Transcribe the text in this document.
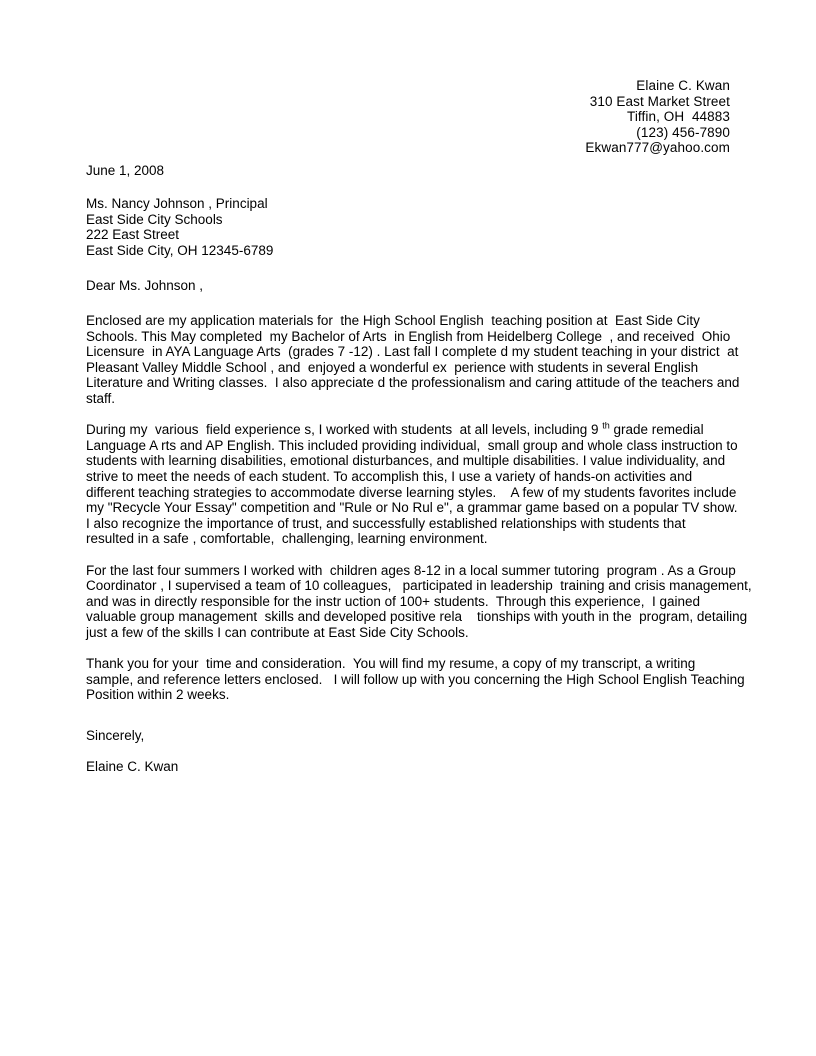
Elaine C. Kwan
310 East Market Street
Tiffin, OH  44883
(123) 456-7890
Ekwan777@yahoo.com
June 1, 2008
Ms. Nancy Johnson , Principal
East Side City Schools
222 East Street
East Side City, OH 12345-6789
Dear Ms. Johnson ,

Enclosed are my application materials for  the High School English  teaching position at  East Side City
Schools. This May completed  my Bachelor of Arts  in English from Heidelberg College  , and received  Ohio
Licensure  in AYA Language Arts  (grades 7 -12) . Last fall I complete d my student teaching in your district  at
Pleasant Valley Middle School , and  enjoyed a wonderful ex  perience with students in several English
Literature and Writing classes.  I also appreciate d the professionalism and caring attitude of the teachers and
staff.

During my  various  field experience s, I worked with students  at all levels, including 9 $^{th}$ grade remedial
Language A rts and AP English. This included providing individual,  small group and whole class instruction to
students with learning disabilities, emotional disturbances, and multiple disabilities. I value individuality, and
strive to meet the needs of each student. To accomplish this, I use a variety of hands-on activities and
different teaching strategies to accommodate diverse learning styles.    A few of my students favorites include
my "Recycle Your Essay" competition and "Rule or No Rul e", a grammar game based on a popular TV show.
I also recognize the importance of trust, and successfully established relationships with students that
resulted in a safe , comfortable,  challenging, learning environment.

For the last four summers I worked with  children ages 8-12 in a local summer tutoring  program . As a Group
Coordinator , I supervised a team of 10 colleagues,   participated in leadership  training and crisis management,
and was in directly responsible for the instr uction of 100+ students.  Through this experience,  I gained
valuable group management  skills and developed positive rela    tionships with youth in the  program, detailing
just a few of the skills I can contribute at East Side City Schools.

Thank you for your  time and consideration.  You will find my resume, a copy of my transcript, a writing
sample, and reference letters enclosed.   I will follow up with you concerning the High School English Teaching
Position within 2 weeks.

Sincerely,
Elaine C. Kwan
